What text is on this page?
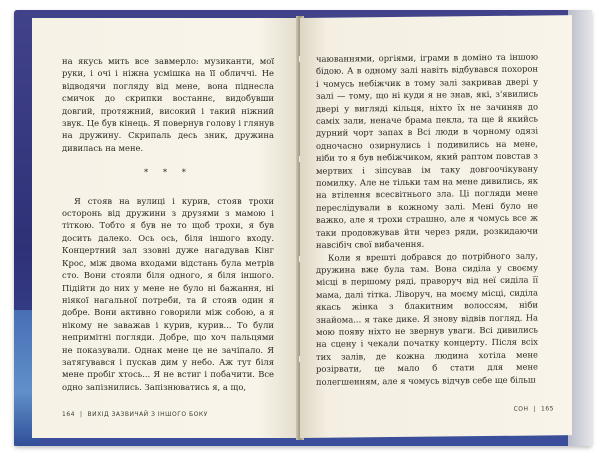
на якусь мить все завмерло: музиканти, мої руки, і очі і ніжна усмішка на її обличчі. Не відводячи погляду від мене, вона піднесла смичок до скрипки востаннє, видобувши довгий, протяжний, високий і такий ніжний звук. Це був кінець. Я повернув голову і глянув на дружину. Скрипаль десь зник, дружина дивилась на мене.

* * *

Я стояв на вулиці і курив, стояв трохи осторонь від дружини з друзями з мамою і тіткою. Тобто я був не то щоб трохи, я був досить далеко. Ось ось, біля іншого входу. Концертний зал ззовні дуже нагадував Кінг Крос, між двома входами відстань була метрів сто. Вони стояли біля одного, я біля іншого. Підійти до них у мене не було ні бажання, ні ніякої нагальної потреби, та й стояв один я добре. Вони активно говорили між собою, а я нікому не заважав і курив, курив... То були непримітні погляди. Добре, що хоч пальцями не показували. Однак мене це не зачіпало. Я затягувався і пускав дим у небо. Аж тут біля мене пробіг хтось... Я не встиг і побачити. Все одно запізнились. Запізнюватись я, а що,

164 | ВИХІД ЗАЗВИЧАЙ З ІНШОГО БОКУ

чаюваннями, оргіями, іграми в доміно та іншою бідою. А в одному залі навіть відбувався похорон і чомусь небіжчик в тому залі закривав двері у залі — тому, що ні куди я не знав, які, з'явились двері у вигляді кільця, ніхто їх не зачиняв до саміх зали, неначе брама пекла, та ще й якийсь дурний чорт запах в Всі люди в чорному одязі одночасно озирнулись і подивились на мене, ніби то я був небіжчиком, який раптом повстав з мертвих і зіпсував ім таку довгоочікувану помилку. Але не тільки там на мене дивились, як на втілення всесвітнього зла. Ці погляди мене переслідували в кожному залі. Мені було не важко, але я трохи страшно, але я чомусь все ж таки продовжував йти через ряди, розкидаючи навсібіч свої вибачення.

Коли я врешті добрався до потрібного залу, дружина вже була там. Вона сиділа у своєму місці в першому ряді, праворуч від неї сиділа її мама, далі тітка. Ліворуч, на моєму місці, сиділа якась жінка з блакитним волоссям, ніби знайома... я таке дике. Я знову відвів погляд. На мою появу ніхто не звернув уваги. Всі дивились на сцену і чекали початку концерту. Після всіх тих залів, де кожна людина хотіла мене розірвати, це мало б стати для мене полегшенням, але я чомусь відчув себе ще більш

СОН | 165
